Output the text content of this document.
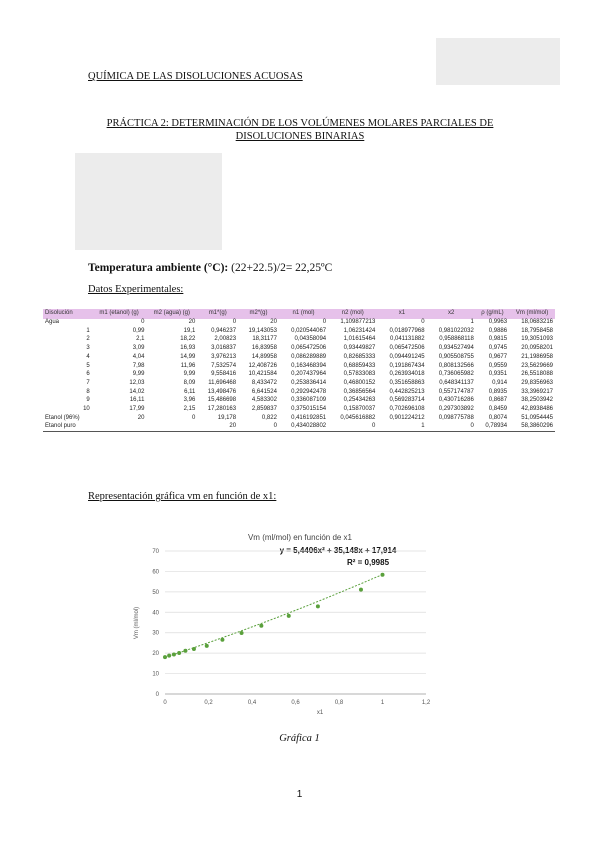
QUÍMICA DE LAS DISOLUCIONES ACUOSAS
PRÁCTICA 2: DETERMINACIÓN DE LOS VOLÚMENES MOLARES PARCIALES DE
DISOLUCIONES BINARIAS
Temperatura ambiente (°C): (22+22.5)/2= 22,25ºC
Datos Experimentales:
Disolución	m1 (etanol) (g)	m2 (agua) (g)	m1*(g)	m2*(g)	n1 (mol)	n2 (mol)	x1	x2	ρ (g/mL)	Vm (ml/mol)
Agua	0	20	0	20	0	1,109877213	0	1	0,9963	18,0683216
1	0,99	19,1	0,946237	19,143053	0,020544067	1,06231424	0,018977968	0,981022032	0,9886	18,7958458
2	2,1	18,22	2,00823	18,31177	0,04358094	1,01615464	0,041131882	0,958868118	0,9815	19,3051093
3	3,09	16,93	3,016837	16,83958	0,065472506	0,93449827	0,065472506	0,934527494	0,9745	20,0958201
4	4,04	14,99	3,976213	14,89958	0,086289889	0,82685333	0,094491245	0,905508755	0,9677	21,1986958
5	7,98	11,96	7,532574	12,408726	0,163468394	0,68859433	0,191867434	0,808132566	0,9559	23,5629669
6	9,99	9,99	9,558416	10,421584	0,207437964	0,57833083	0,263934018	0,736065982	0,9351	26,5518088
7	12,03	8,09	11,696468	8,433472	0,253836414	0,46800152	0,351658863	0,648341137	0,914	29,8356963
8	14,02	6,11	13,498476	6,641524	0,292942478	0,36856564	0,442825213	0,557174787	0,8935	33,3969217
9	16,11	3,96	15,486698	4,583302	0,336087109	0,25434263	0,569283714	0,430716286	0,8687	38,2503942
10	17,99	2,15	17,280163	2,859837	0,375015154	0,15870037	0,702696108	0,297303892	0,8459	42,8938486
Etanol (96%)	20	0	19,178	0,822	0,416192851	0,045616882	0,901224212	0,098775788	0,8074	51,0954445
Etanol puro			20	0	0,434028802	0	1	0	0,78934	58,3860296
Representación gráfica vm en función de x1:
Vm (ml/mol) en función de x1
y = 5,4406x² + 35,148x + 17,914
R² = 0,9985
0
10
20
30
40
50
60
70
0	0,2	0,4	0,6	0,8	1	1,2
x1
Vm (ml/mol)
Gráfica 1
1
